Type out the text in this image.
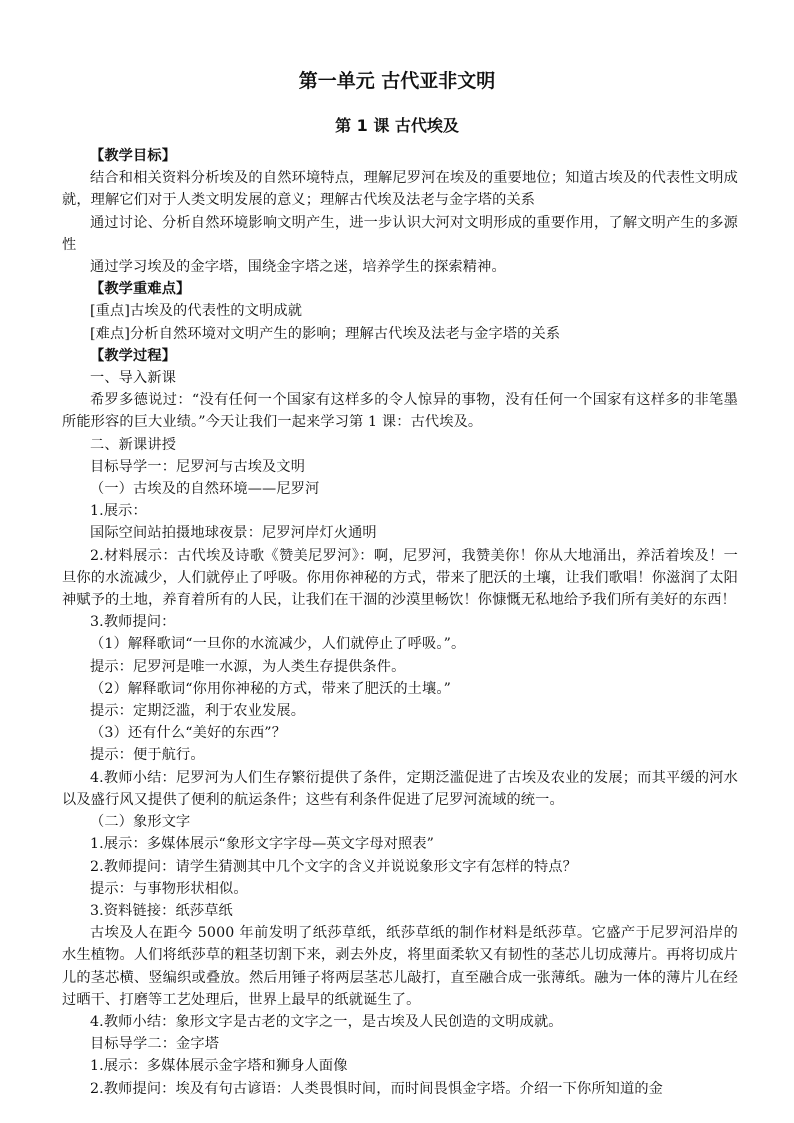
第一单元 古代亚非文明
第 1 课 古代埃及

【教学目标】

结合和相关资料分析埃及的自然环境特点，理解尼罗河在埃及的重要地位；知道古埃及的代表性文明成就，理解它们对于人类文明发展的意义；理解古代埃及法老与金字塔的关系

通过讨论、分析自然环境影响文明产生，进一步认识大河对文明形成的重要作用，了解文明产生的多源性

通过学习埃及的金字塔，围绕金字塔之迷，培养学生的探索精神。

【教学重难点】

[重点]古埃及的代表性的文明成就

[难点]分析自然环境对文明产生的影响；理解古代埃及法老与金字塔的关系

【教学过程】

一、导入新课

希罗多德说过：“没有任何一个国家有这样多的令人惊异的事物，没有任何一个国家有这样多的非笔墨所能形容的巨大业绩。”今天让我们一起来学习第 1 课：古代埃及。

二、新课讲授

目标导学一：尼罗河与古埃及文明

（一）古埃及的自然环境——尼罗河

1.展示：

国际空间站拍摄地球夜景：尼罗河岸灯火通明

2.材料展示：古代埃及诗歌《赞美尼罗河》：啊，尼罗河，我赞美你！你从大地涌出，养活着埃及！一旦你的水流减少，人们就停止了呼吸。你用你神秘的方式，带来了肥沃的土壤，让我们歌唱！你滋润了太阳神赋予的土地，养育着所有的人民，让我们在干涸的沙漠里畅饮！你慷慨无私地给予我们所有美好的东西！

3.教师提问：

（1）解释歌词“一旦你的水流减少，人们就停止了呼吸。”。

提示：尼罗河是唯一水源，为人类生存提供条件。

（2）解释歌词“你用你神秘的方式，带来了肥沃的土壤。”

提示：定期泛滥，利于农业发展。

（3）还有什么“美好的东西”？

提示：便于航行。

4.教师小结：尼罗河为人们生存繁衍提供了条件，定期泛滥促进了古埃及农业的发展；而其平缓的河水以及盛行风又提供了便利的航运条件；这些有利条件促进了尼罗河流域的统一。

（二）象形文字

1.展示：多媒体展示“象形文字字母—英文字母对照表”

2.教师提问：请学生猜测其中几个文字的含义并说说象形文字有怎样的特点？

提示：与事物形状相似。

3.资料链接：纸莎草纸

古埃及人在距今 5000 年前发明了纸莎草纸，纸莎草纸的制作材料是纸莎草。它盛产于尼罗河沿岸的水生植物。人们将纸莎草的粗茎切割下来，剥去外皮，将里面柔软又有韧性的茎芯儿切成薄片。再将切成片儿的茎芯横、竖编织或叠放。然后用锤子将两层茎芯儿敲打，直至融合成一张薄纸。融为一体的薄片儿在经过晒干、打磨等工艺处理后，世界上最早的纸就诞生了。

4.教师小结：象形文字是古老的文字之一，是古埃及人民创造的文明成就。

目标导学二：金字塔

1.展示：多媒体展示金字塔和狮身人面像

2.教师提问：埃及有句古谚语：人类畏惧时间，而时间畏惧金字塔。介绍一下你所知道的金
